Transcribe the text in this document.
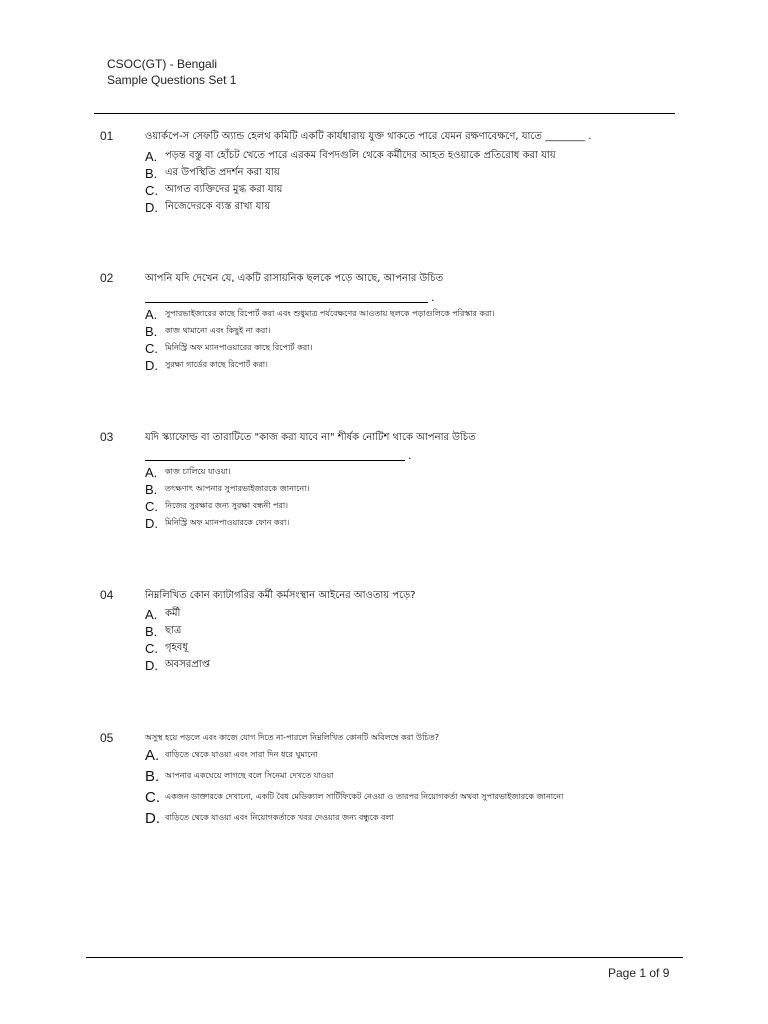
CSOC(GT) - Bengali
Sample Questions Set 1
01	ওয়ার্কপে-স সেফটি অ্যান্ড হেলথ কমিটি একটি কার্যধারায় যুক্ত থাকতে পারে যেমন রক্ষণাবেক্ষণে, যাতে ________ .
A. পড়ন্ত বস্তু বা হোঁচট খেতে পারে এরকম বিপদগুলি থেকে কর্মীদের আহত হওয়াকে প্রতিরোধ করা যায়
B. এর উপস্থিতি প্রদর্শন করা যায়
C. আগত ব্যক্তিদের মুগ্ধ করা যায়
D. নিজেদেরকে ব্যস্ত রাখা যায়
02	আপনি যদি দেখেন যে, একটি রাসায়নিক ছলকে পড়ে আছে, আপনার উচিত
.
A. সুপারভাইজারের কাছে রিপোর্ট করা এবং শুধুমাত্র পর্যবেক্ষণের আওতায় ছলকে পড়াগুলিকে পরিস্কার করা।
B. কাজ থামানো এবং কিছুই না করা।
C. মিনিস্ট্রি অফ ম্যানপাওয়ারের কাছে রিপোর্ট করা।
D. সুরক্ষা গার্ডের কাছে রিপোর্ট করা।
03	যদি স্ক্যাফোল্ড বা তারাটিতে "কাজ করা যাবে না" শীর্ষক নোটিশ থাকে আপনার উচিত
.
A. কাজ চালিয়ে যাওয়া।
B. তৎক্ষণাৎ আপনার সুপারভাইজারকে জানানো।
C. নিজের সুরক্ষার জন্য সুরক্ষা বন্ধনী পরা।
D. মিনিস্ট্রি অফ ম্যানপাওয়ারকে ফোন করা।
04	নিম্নলিখিত কোন ক্যাটাগরির কর্মী কর্মসংস্থান আইনের আওতায় পড়ে?
A. কর্মী
B. ছাত্র
C. গৃহবধূ
D. অবসরপ্রাপ্ত
05	অসুস্থ হয়ে পড়লে এবং কাজে যোগ দিতে না-পারলে নিম্নলিখিত কোনটি অবিলম্বে করা উচিত?
A. বাড়িতে থেকে যাওয়া এবং সারা দিন ধরে ঘুমানো
B. আপনার একঘেয়ে লাগছে বলে সিনেমা দেখতে যাওয়া
C. একজন ডাক্তারকে দেখানো, একটি বৈধ মেডিক্যাল সার্টিফিকেট নেওয়া ও তারপর নিয়োগকর্তা অথবা সুপারভাইজারকে জানানো
D. বাড়িতে থেকে যাওয়া এবং নিয়োগকর্তাকে খবর দেওয়ার জন্য বন্ধুকে বলা
Page 1 of 9
